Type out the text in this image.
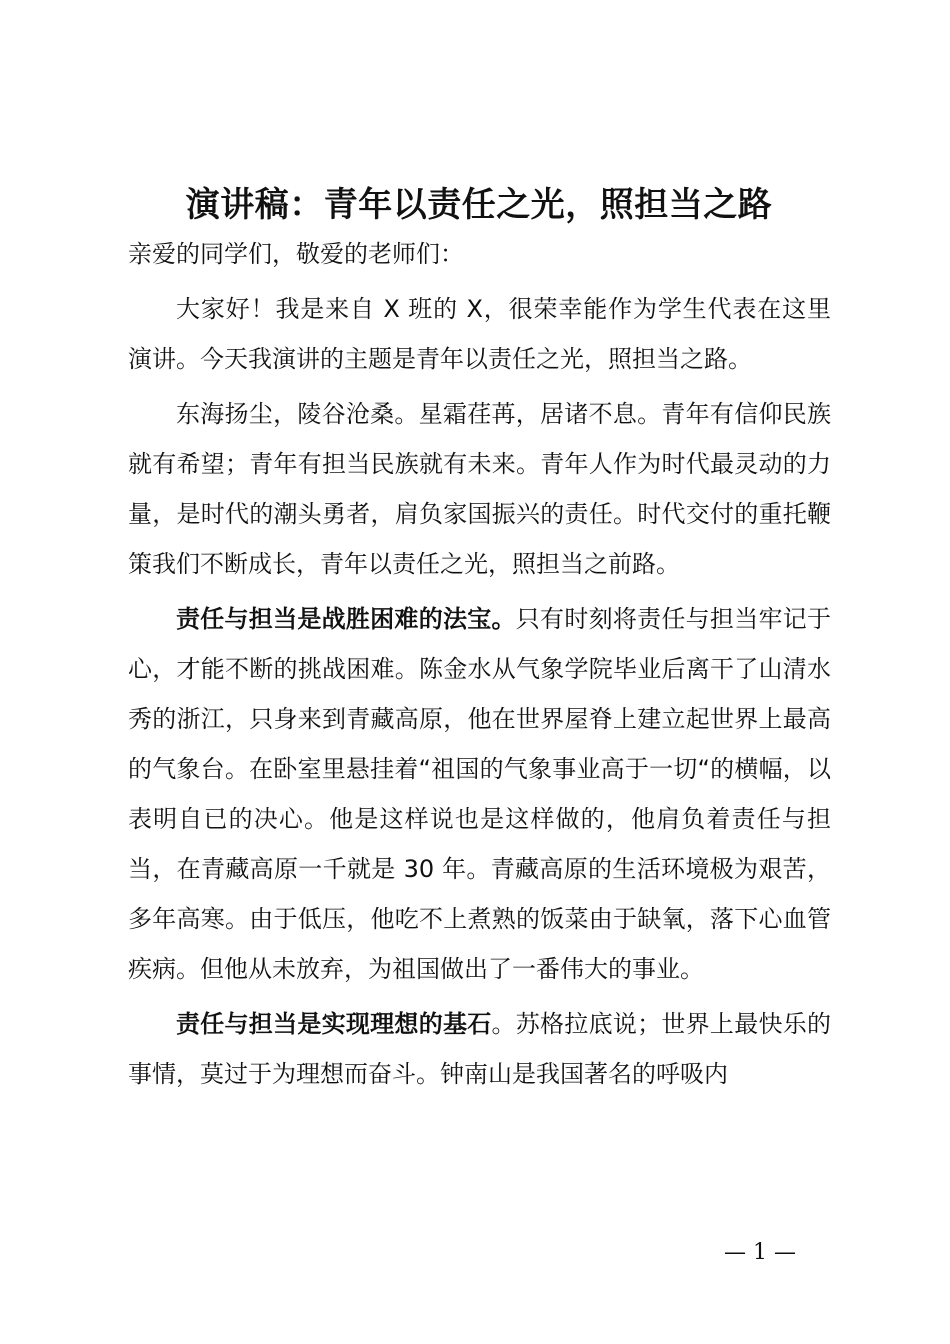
演讲稿：青年以责任之光，照担当之路

亲爱的同学们，敬爱的老师们：

大家好！我是来自 X 班的 X，很荣幸能作为学生代表在这里演讲。今天我演讲的主题是青年以责任之光，照担当之路。

东海扬尘，陵谷沧桑。星霜荏苒，居诸不息。青年有信仰民族就有希望；青年有担当民族就有未来。青年人作为时代最灵动的力量，是时代的潮头勇者，肩负家国振兴的责任。时代交付的重托鞭策我们不断成长，青年以责任之光，照担当之前路。

责任与担当是战胜困难的法宝。只有时刻将责任与担当牢记于心，才能不断的挑战困难。陈金水从气象学院毕业后离干了山清水秀的浙江，只身来到青藏高原，他在世界屋脊上建立起世界上最高的气象台。在卧室里悬挂着“祖国的气象事业高于一切“的横幅，以表明自已的决心。他是这样说也是这样做的，他肩负着责任与担当，在青藏高原一千就是 30 年。青藏高原的生活环境极为艰苦，多年高寒。由于低压，他吃不上煮熟的饭菜由于缺氧，落下心血管疾病。但他从未放弃，为祖国做出了一番伟大的事业。

责任与担当是实现理想的基石。苏格拉底说；世界上最快乐的事情，莫过于为理想而奋斗。钟南山是我国著名的呼吸内

— 1 —
